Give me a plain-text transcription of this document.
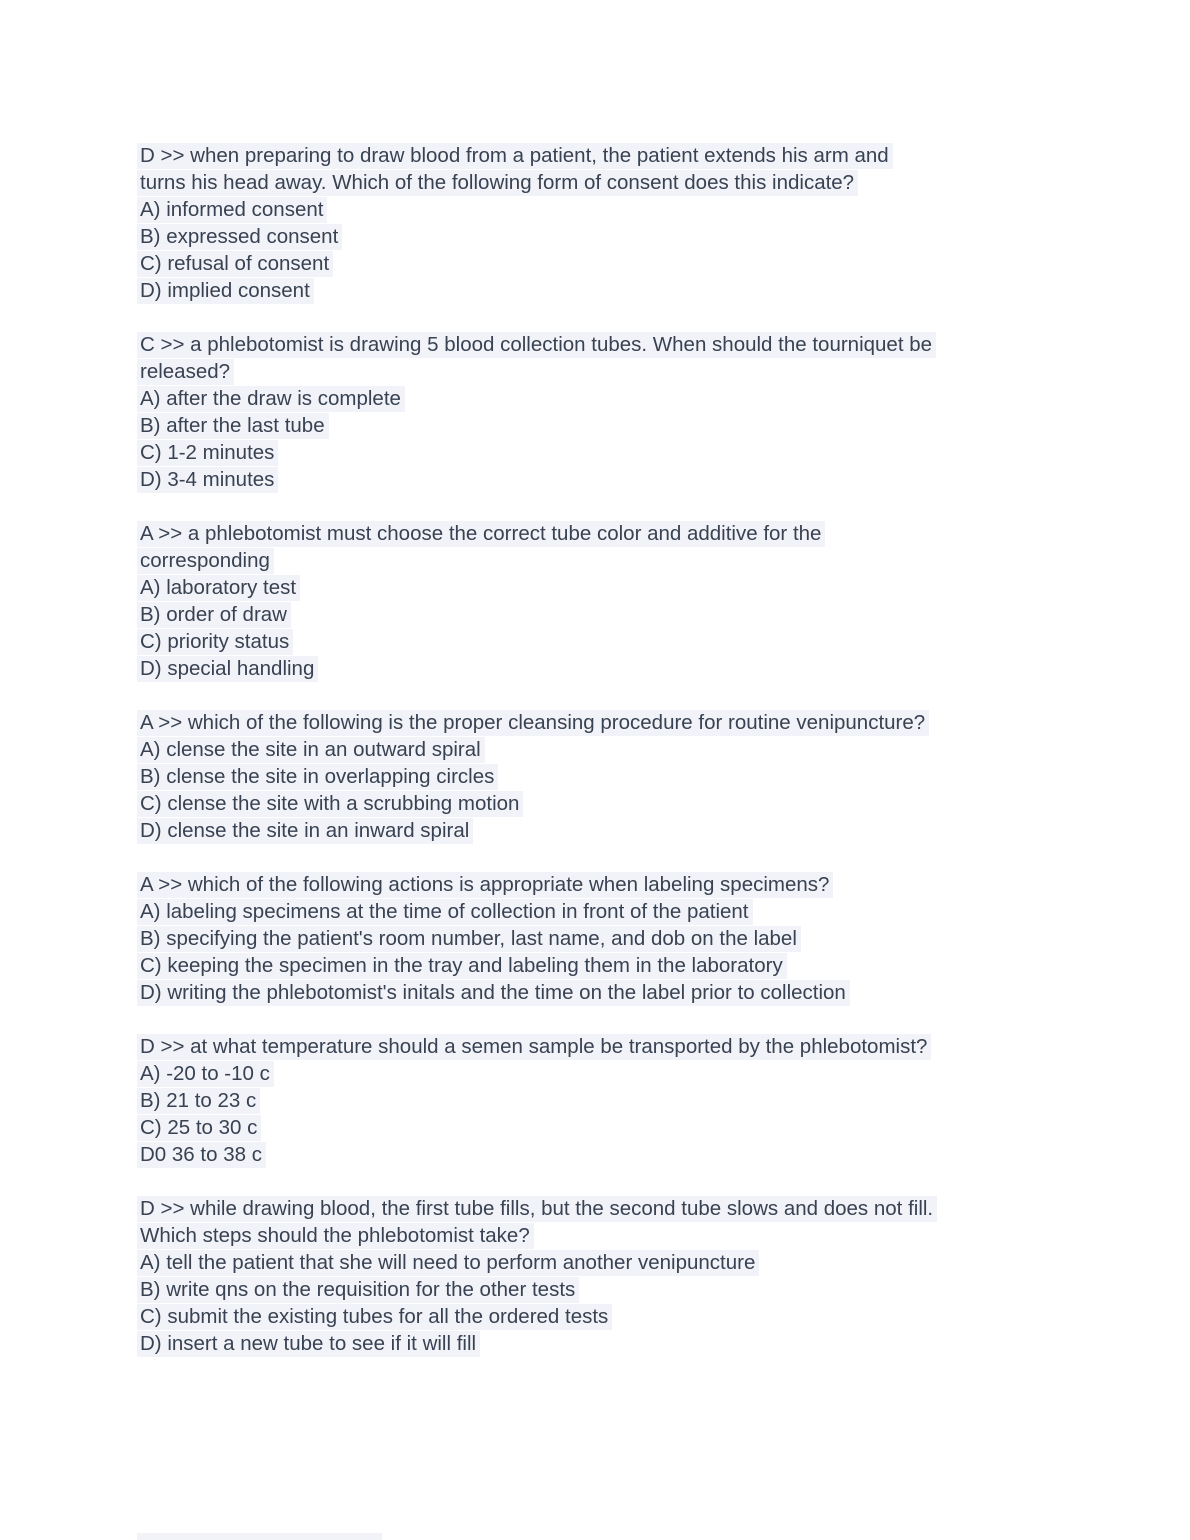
D >> when preparing to draw blood from a patient, the patient extends his arm and
turns his head away. Which of the following form of consent does this indicate?
A) informed consent
B) expressed consent
C) refusal of consent
D) implied consent
C >> a phlebotomist is drawing 5 blood collection tubes. When should the tourniquet be
released?
A) after the draw is complete
B) after the last tube
C) 1-2 minutes
D) 3-4 minutes
A >> a phlebotomist must choose the correct tube color and additive for the
corresponding
A) laboratory test
B) order of draw
C) priority status
D) special handling
A >> which of the following is the proper cleansing procedure for routine venipuncture?
A) clense the site in an outward spiral
B) clense the site in overlapping circles
C) clense the site with a scrubbing motion
D) clense the site in an inward spiral
A >> which of the following actions is appropriate when labeling specimens?
A) labeling specimens at the time of collection in front of the patient
B) specifying the patient's room number, last name, and dob on the label
C) keeping the specimen in the tray and labeling them in the laboratory
D) writing the phlebotomist's initals and the time on the label prior to collection
D >> at what temperature should a semen sample be transported by the phlebotomist?
A) -20 to -10 c
B) 21 to 23 c
C) 25 to 30 c
D0 36 to 38 c
D >> while drawing blood, the first tube fills, but the second tube slows and does not fill.
Which steps should the phlebotomist take?
A) tell the patient that she will need to perform another venipuncture
B) write qns on the requisition for the other tests
C) submit the existing tubes for all the ordered tests
D) insert a new tube to see if it will fill
